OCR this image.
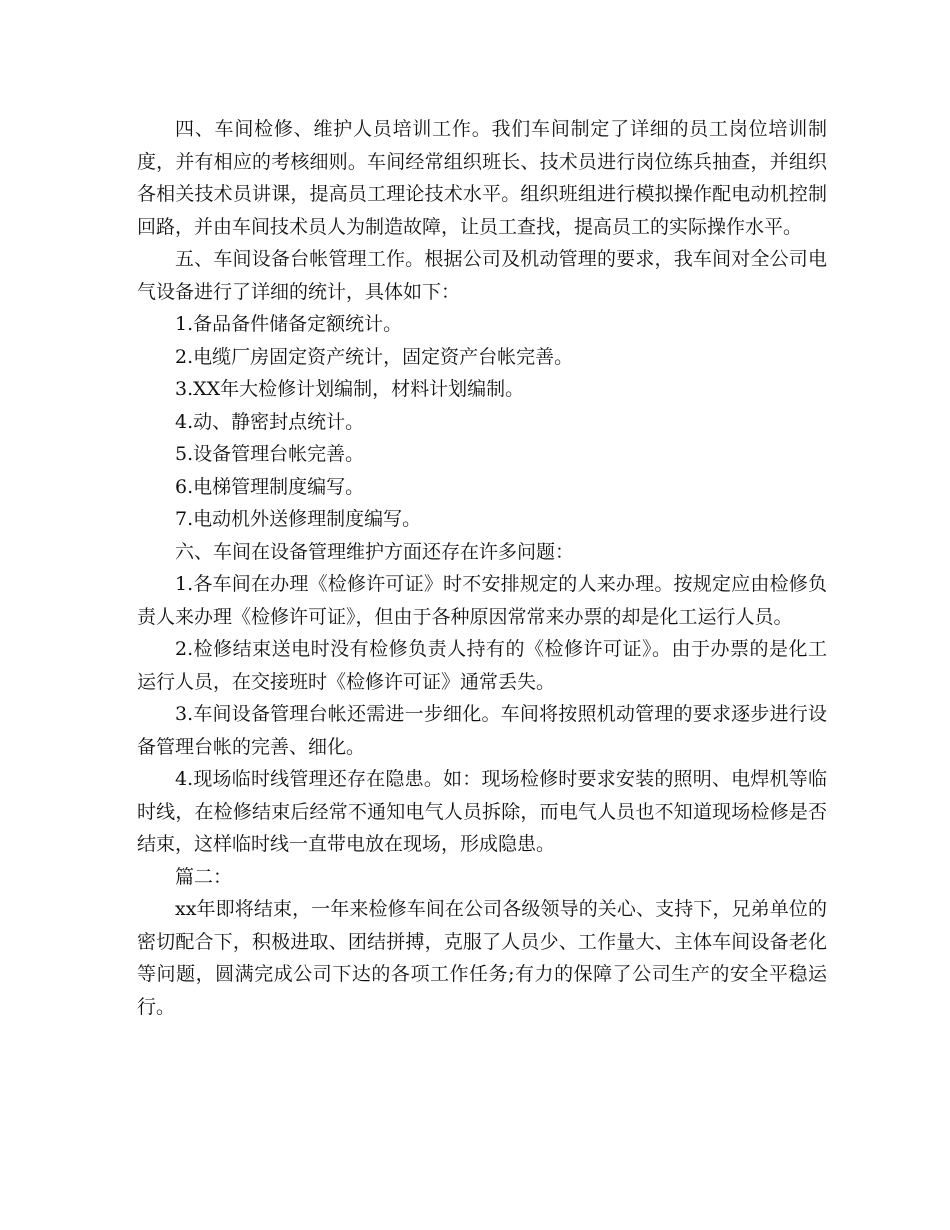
四、车间检修、维护人员培训工作。我们车间制定了详细的员工岗位培训制度，并有相应的考核细则。车间经常组织班长、技术员进行岗位练兵抽查，并组织各相关技术员讲课，提高员工理论技术水平。组织班组进行模拟操作配电动机控制回路，并由车间技术员人为制造故障，让员工查找，提高员工的实际操作水平。

五、车间设备台帐管理工作。根据公司及机动管理的要求，我车间对全公司电气设备进行了详细的统计，具体如下：

1.备品备件储备定额统计。

2.电缆厂房固定资产统计，固定资产台帐完善。

3.XX年大检修计划编制，材料计划编制。

4.动、静密封点统计。

5.设备管理台帐完善。

6.电梯管理制度编写。

7.电动机外送修理制度编写。

六、车间在设备管理维护方面还存在许多问题：

1.各车间在办理《检修许可证》时不安排规定的人来办理。按规定应由检修负责人来办理《检修许可证》，但由于各种原因常常来办票的却是化工运行人员。

2.检修结束送电时没有检修负责人持有的《检修许可证》。由于办票的是化工运行人员，在交接班时《检修许可证》通常丢失。

3.车间设备管理台帐还需进一步细化。车间将按照机动管理的要求逐步进行设备管理台帐的完善、细化。

4.现场临时线管理还存在隐患。如：现场检修时要求安装的照明、电焊机等临时线，在检修结束后经常不通知电气人员拆除，而电气人员也不知道现场检修是否结束，这样临时线一直带电放在现场，形成隐患。

篇二：

xx年即将结束，一年来检修车间在公司各级领导的关心、支持下，兄弟单位的密切配合下，积极进取、团结拼搏，克服了人员少、工作量大、主体车间设备老化等问题，圆满完成公司下达的各项工作任务;有力的保障了公司生产的安全平稳运行。
